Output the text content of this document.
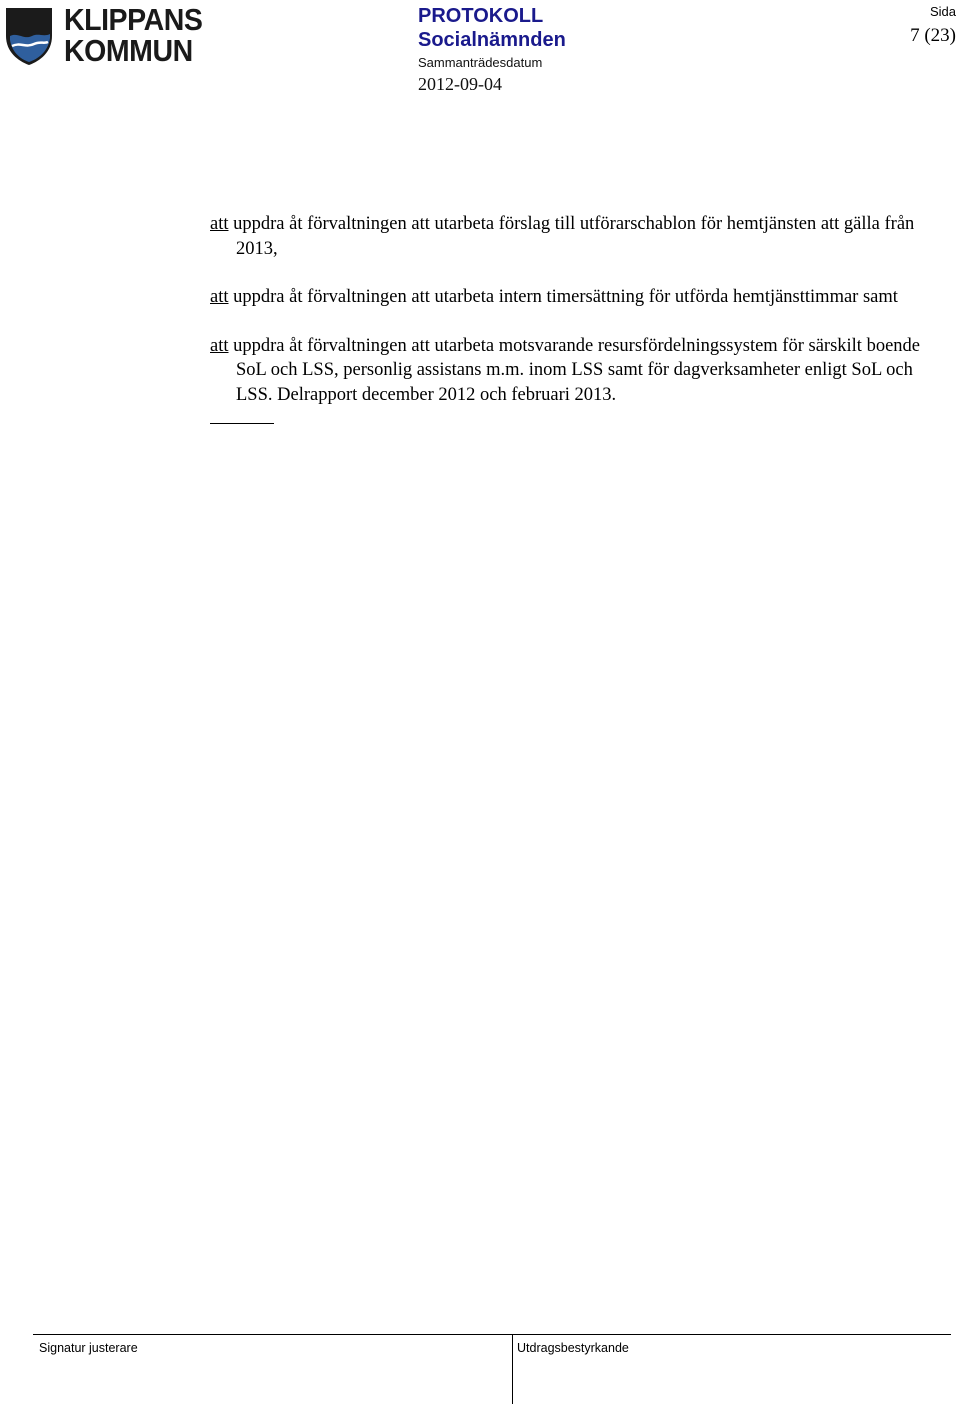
KLIPPANS
KOMMUN
PROTOKOLL
Socialnämnden
Sammanträdesdatum
2012-09-04
Sida
7 (23)

att uppdra åt förvaltningen att utarbeta förslag till utförarschablon för hemtjänsten att gälla från 2013,

att uppdra åt förvaltningen att utarbeta intern timersättning för utförda hemtjänsttimmar samt

att uppdra åt förvaltningen att utarbeta motsvarande resursfördelningssystem för särskilt boende SoL och LSS, personlig assistans m.m. inom LSS samt för dagverksamheter enligt SoL och LSS. Delrapport december 2012 och februari 2013.

Signatur justerare	Utdragsbestyrkande
